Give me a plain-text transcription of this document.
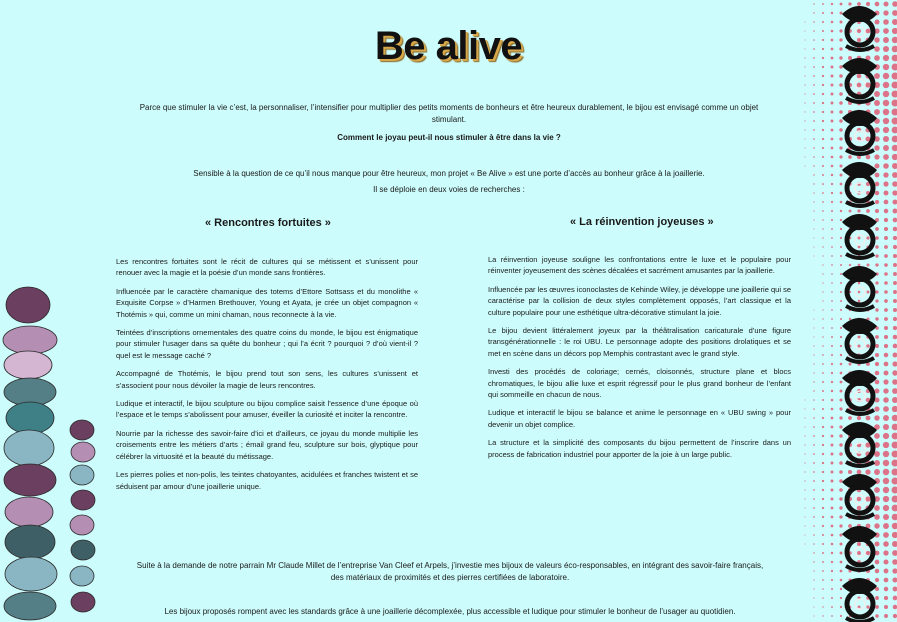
Be alive
Parce que stimuler la vie c’est, la personnaliser, l’intensifier pour multiplier des petits moments de bonheurs et être heureux durablement, le bijou est envisagé comme un objet stimulant.
Comment le joyau peut-il nous stimuler à être dans la vie ?
Sensible à la question de ce qu’il nous manque pour être heureux, mon projet « Be Alive » est une porte d’accès au bonheur grâce à la joaillerie.
Il se déploie en deux voies de recherches :
« Rencontres fortuites »	« La réinvention joyeuses »

Les rencontres fortuites sont le récit de cultures qui se métissent et s’unissent pour renouer avec la magie et la poésie d’un monde sans frontières.

Influencée par le caractère chamanique des totems d’Ettore Sottsass et du monolithe « Exquisite Corpse » d’Harmen Brethouver, Young et Ayata, je crée un objet compagnon « Thotémis » qui, comme un mini chaman, nous reconnecte à la vie.

Teintées d’inscriptions ornementales des quatre coins du monde, le bijou est énigmatique pour stimuler l’usager dans sa quête du bonheur ; qui l’a écrit ? pourquoi ? d’où vient-il ? quel est le message caché ?

Accompagné de Thotémis, le bijou prend tout son sens, les cultures s’unissent et s’associent pour nous dévoiler la magie de leurs rencontres.

Ludique et interactif, le bijou sculpture ou bijou complice saisit l’essence d’une époque où l’espace et le temps s’abolissent pour amuser, éveiller la curiosité et inciter la rencontre.

Nourrie par la richesse des savoir-faire d’ici et d’ailleurs, ce joyau du monde multiplie les croisements entre les métiers d’arts ; émail grand feu, sculpture sur bois, glyptique pour célébrer la virtuosité et la beauté du métissage.

Les pierres polies et non-polis, les teintes chatoyantes, acidulées et franches twistent et se séduisent par amour d’une joaillerie unique.

La réinvention joyeuse souligne les confrontations entre le luxe et le populaire pour réinventer joyeusement des scènes décalées et sacrément amusantes par la joaillerie.

Influencée par les œuvres iconoclastes de Kehinde Wiley, je développe une joaillerie qui se caractérise par la collision de deux styles complètement opposés, l’art classique et la culture populaire pour une esthétique ultra-décorative stimulant la joie.

Le bijou devient littéralement joyeux par la théâtralisation caricaturale d’une figure transgénérationnelle : le roi UBU. Le personnage adopte des positions drolatiques et se met en scène dans un décors pop Memphis contrastant avec le grand style.

Investi des procédés de coloriage; cernés, cloisonnés, structure plane et blocs chromatiques, le bijou allie luxe et esprit régressif pour le plus grand bonheur de l’enfant qui sommeille en chacun de nous.

Ludique et interactif le bijou se balance et anime le personnage en « UBU swing » pour devenir un objet complice.

La structure et la simplicité des composants du bijou permettent de l’inscrire dans un process de fabrication industriel pour apporter de la joie à un large public.

Suite à la demande de notre parrain Mr Claude Millet de l’entreprise Van Cleef et Arpels, j’investie mes bijoux de valeurs éco-responsables, en intégrant des savoir-faire français,
des matériaux de proximités et des pierres certifiées de laboratoire.
Les bijoux proposés rompent avec les standards grâce à une joaillerie décomplexée, plus accessible et ludique pour stimuler le bonheur de l’usager au quotidien.
